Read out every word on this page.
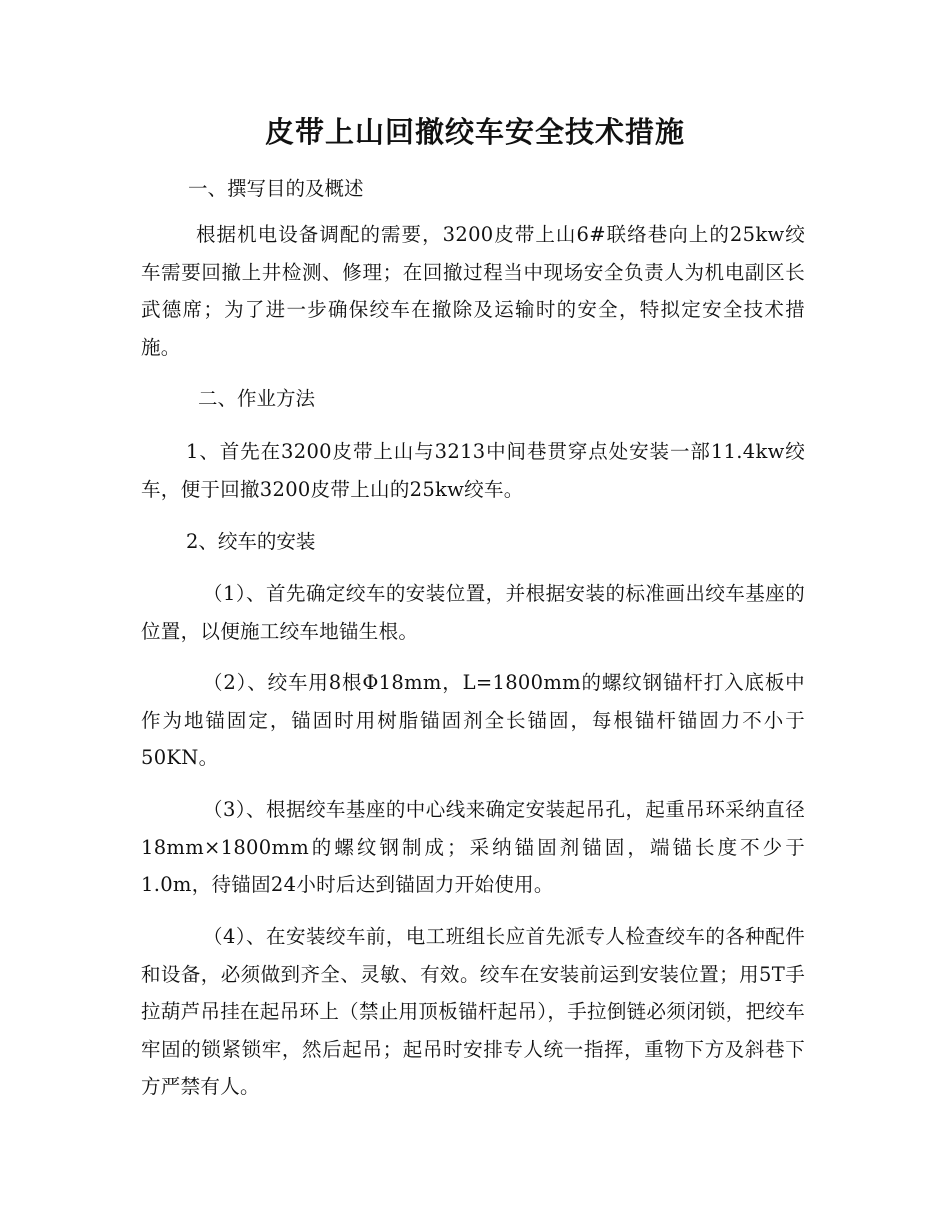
皮带上山回撤绞车安全技术措施
一、撰写目的及概述

根据机电设备调配的需要，3200皮带上山6#联络巷向上的25kw绞车需要回撤上井检测、修理；在回撤过程当中现场安全负责人为机电副区长武德席；为了进一步确保绞车在撤除及运输时的安全，特拟定安全技术措施。

二、作业方法

1、首先在3200皮带上山与3213中间巷贯穿点处安装一部11.4kw绞车，便于回撤3200皮带上山的25kw绞车。

2、绞车的安装

（1）、首先确定绞车的安装位置，并根据安装的标准画出绞车基座的位置，以便施工绞车地锚生根。

（2）、绞车用8根Φ18mm，L=1800mm的螺纹钢锚杆打入底板中作为地锚固定，锚固时用树脂锚固剂全长锚固，每根锚杆锚固力不小于50KN。

（3）、根据绞车基座的中心线来确定安装起吊孔，起重吊环采纳直径18mm×1800mm的螺纹钢制成；采纳锚固剂锚固，端锚长度不少于1.0m，待锚固24小时后达到锚固力开始使用。

（4）、在安装绞车前，电工班组长应首先派专人检查绞车的各种配件和设备，必须做到齐全、灵敏、有效。绞车在安装前运到安装位置；用5T手拉葫芦吊挂在起吊环上（禁止用顶板锚杆起吊），手拉倒链必须闭锁，把绞车牢固的锁紧锁牢，然后起吊；起吊时安排专人统一指挥，重物下方及斜巷下方严禁有人。
